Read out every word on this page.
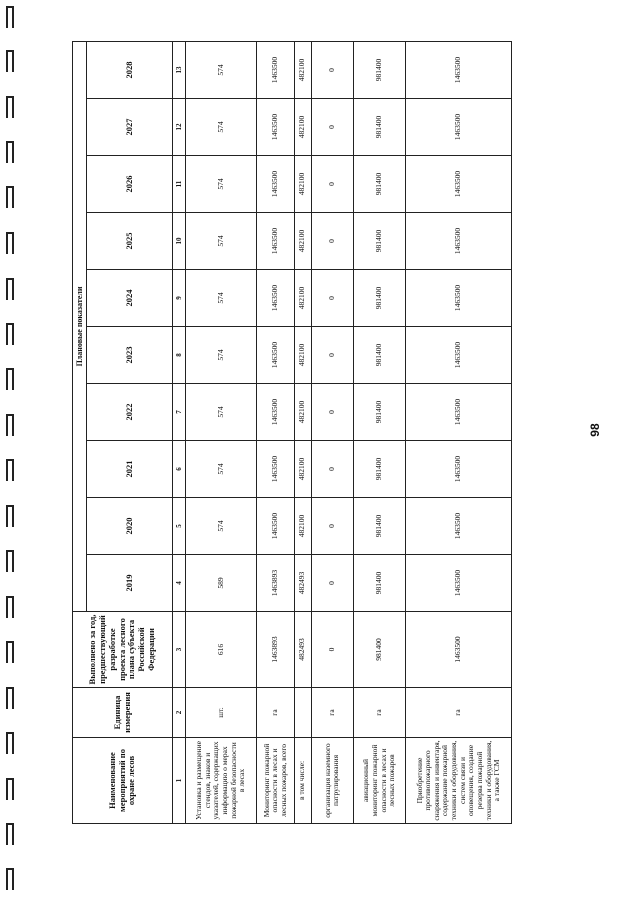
Наименование мероприятий по охране лесов	Единица измерения	Выполнено за год, предшествующий разработке проекта лесного плана субъекта Российской Федерации	Плановые показатели									
			2019	2020	2021	2022	2023	2024	2025	2026	2027	2028
1	2	3	4	5	6	7	8	9	10	11	12	13
Установка и размещение стендов, знаков и указателей, содержащих информацию о мерах пожарной безопасности в лесах	шт.	616	589	574	574	574	574	574	574	574	574	574
Мониторинг пожарной опасности в лесах и лесных пожаров, всего	га	1463893	1463893	1463500	1463500	1463500	1463500	1463500	1463500	1463500	1463500	1463500
в том числе:		482493	482493	482100	482100	482100	482100	482100	482100	482100	482100	482100
организация наземного патрулирования	га	0	0	0	0	0	0	0	0	0	0	0
авиационный мониторинг пожарной опасности в лесах и лесных пожаров	га	981400	981400	981400	981400	981400	981400	981400	981400	981400	981400	981400
Приобретение противопожарного снаряжения и инвентаря, содержание пожарной техники и оборудования, систем связи и оповещения, создание резерва пожарной техники и оборудования, а также ГСМ	га	1463500	1463500	1463500	1463500	1463500	1463500	1463500	1463500	1463500	1463500	1463500
98
